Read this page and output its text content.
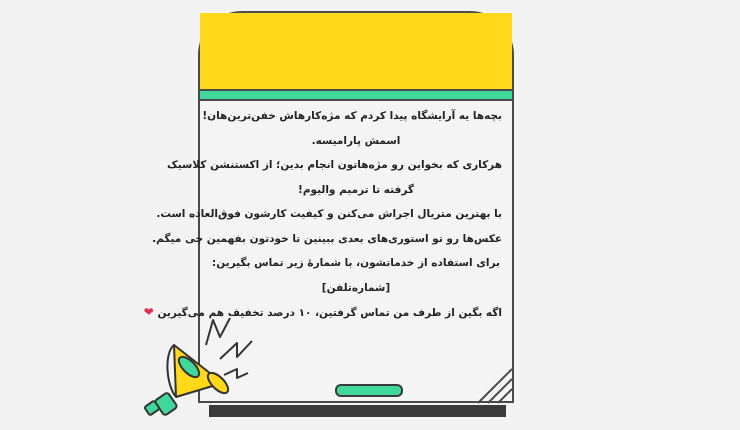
بچه‌ها یه آرایشگاه پیدا کردم که مژه‌کارهاش خفن‌ترین‌هان!
اسمش پارامیسه.
هرکاری که بخواین رو مژه‌هاتون انجام بدین؛ از اکستنشن کلاسیک
گرفته تا ترمیم والیوم!
با بهترین متریال اجراش می‌کنن و کیفیت کارشون فوق‌العاده است.
عکس‌ها رو تو استوری‌های بعدی ببینین تا خودتون بفهمین چی میگم.
برای استفاده از خدماتشون، با شمارهٔ زیر تماس بگیرین:
[شماره‌تلفن]
اگه بگین از طرف من تماس گرفتین، ۱۰ درصد تخفیف هم می‌گیرین ❤
